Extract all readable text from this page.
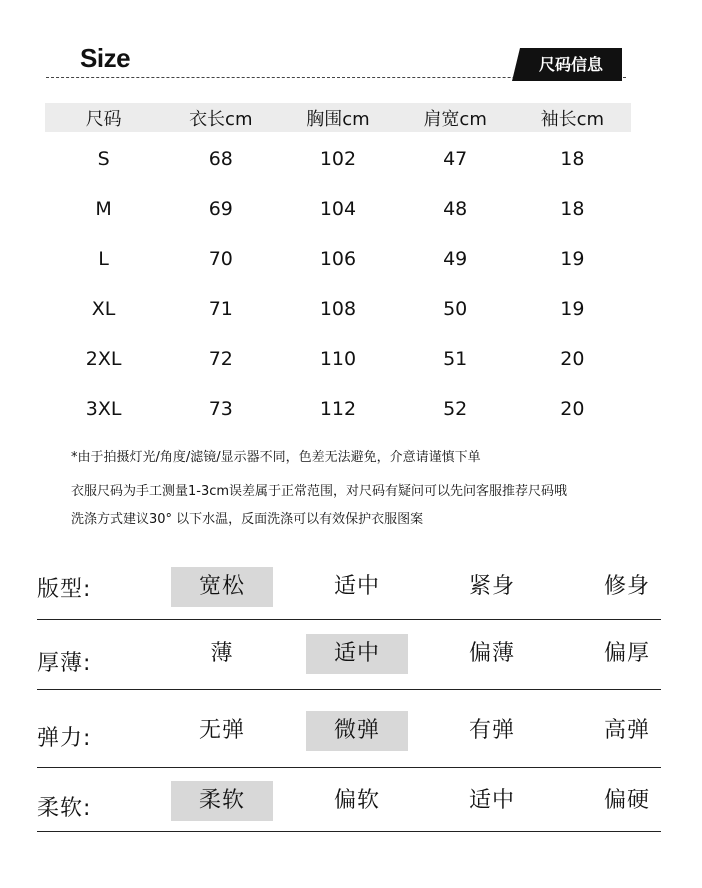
Size	尺码信息
尺码	衣长cm	胸围cm	肩宽cm	袖长cm
S	68	102	47	18
M	69	104	48	18
L	70	106	49	19
XL	71	108	50	19
2XL	72	110	51	20
3XL	73	112	52	20
*由于拍摄灯光/角度/滤镜/显示器不同，色差无法避免，介意请谨慎下单
衣服尺码为手工测量1-3cm误差属于正常范围，对尺码有疑问可以先问客服推荐尺码哦
洗涤方式建议30° 以下水温，反面洗涤可以有效保护衣服图案
版型:	宽松	适中	紧身	修身
厚薄:	薄	适中	偏薄	偏厚
弹力:	无弹	微弹	有弹	高弹
柔软:	柔软	偏软	适中	偏硬
